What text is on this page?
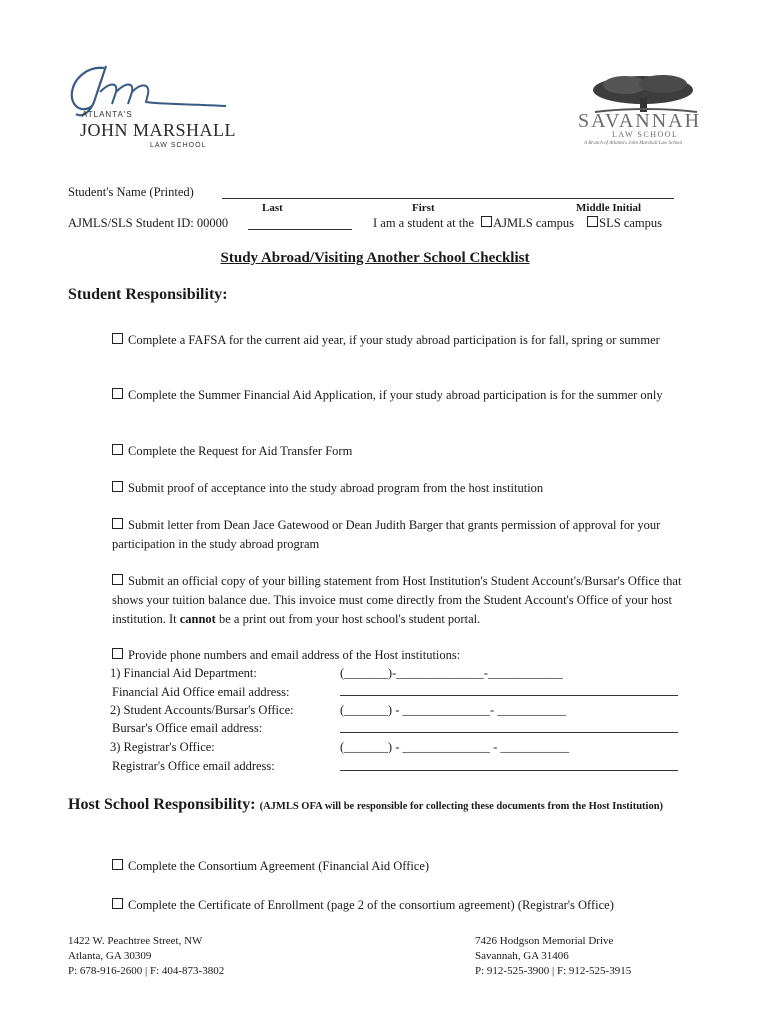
ATLANTA'S
JOHN MARSHALL
LAW SCHOOL
SAVANNAH
LAW SCHOOL
A Branch of Atlanta's John Marshall Law School
Student's Name (Printed)
Last	First	Middle Initial
AJMLS/SLS Student ID: 00000	I am a student at the AJMLS campus SLS campus
Study Abroad/Visiting Another School Checklist
Student Responsibility:
Complete a FAFSA for the current aid year, if your study abroad participation is for fall, spring or summer
Complete the Summer Financial Aid Application, if your study abroad participation is for the summer only
Complete the Request for Aid Transfer Form
Submit proof of acceptance into the study abroad program from the host institution
Submit letter from Dean Jace Gatewood or Dean Judith Barger that grants permission of approval for your participation in the study abroad program
Submit an official copy of your billing statement from Host Institution's Student Account's/Bursar's Office that shows your tuition balance due. This invoice must come directly from the Student Account's Office of your host institution. It cannot be a print out from your host school's student portal.
Provide phone numbers and email address of the Host institutions:
1) Financial Aid Department:	(_______)-______________-____________
Financial Aid Office email address:
2) Student Accounts/Bursar's Office:	(_______) - ______________- ___________
Bursar's Office email address:
3) Registrar's Office:	(_______) - ______________ - ___________
Registrar's Office email address:
Host School Responsibility: (AJMLS OFA will be responsible for collecting these documents from the Host Institution)
Complete the Consortium Agreement (Financial Aid Office)
Complete the Certificate of Enrollment (page 2 of the consortium agreement) (Registrar's Office)
1422 W. Peachtree Street, NW
Atlanta, GA 30309
P: 678-916-2600 | F: 404-873-3802
7426 Hodgson Memorial Drive
Savannah, GA 31406
P: 912-525-3900 | F: 912-525-3915
